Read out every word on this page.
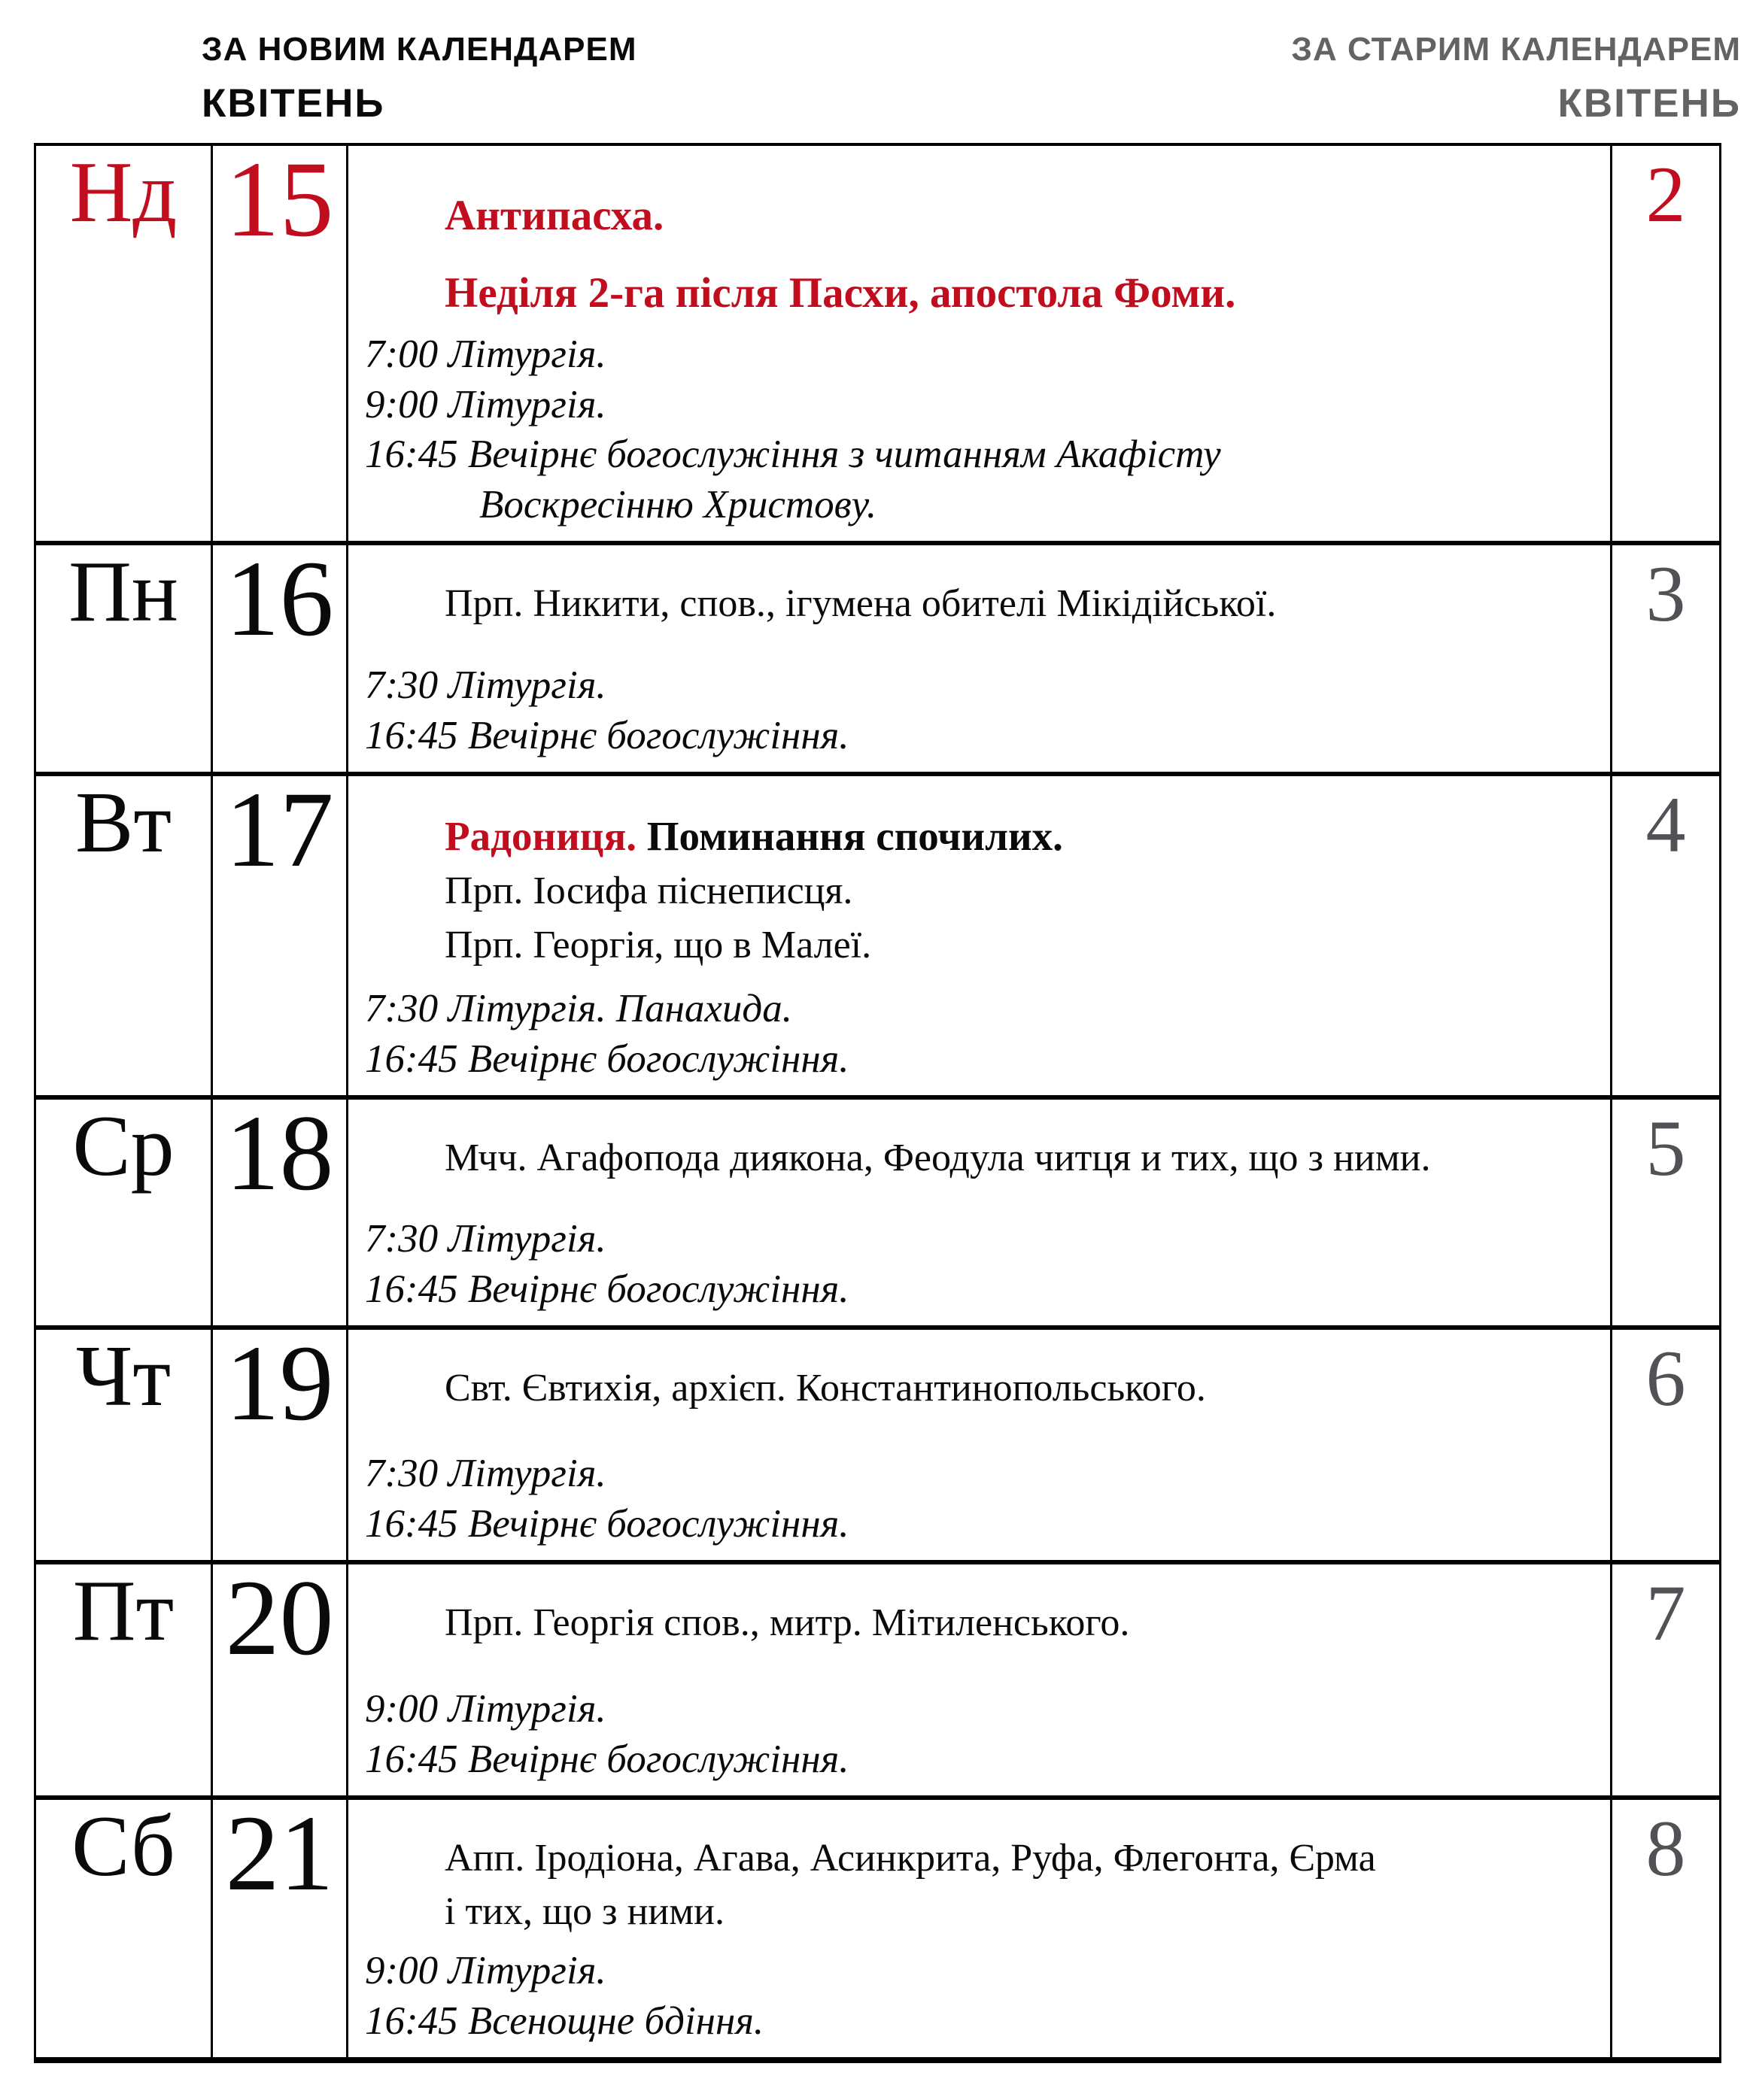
ЗА НОВИМ КАЛЕНДАРЕМ
КВІТЕНЬ
ЗА СТАРИМ КАЛЕНДАРЕМ
КВІТЕНЬ
Нд	15	Антипасха.
Неділя 2-га після Пасхи, апостола Фоми.
7:00 Літургія.
9:00 Літургія.
16:45 Вечірнє богослужіння з читанням Акафісту
Воскресінню Христову.
	2
Пн	16	Прп. Никити, спов., ігумена обителі Мікідійської.
7:30 Літургія.
16:45 Вечірнє богослужіння.	3
Вт	17	Радониця. Поминання спочилих.
Прп. Іосифа піснеписця.
Прп. Георгія, що в Малеї.
7:30 Літургія. Панахида.
16:45 Вечірнє богослужіння.	4
Ср	18	Мчч. Агафопода диякона, Феодула читця и тих, що з ними.
7:30 Літургія.
16:45 Вечірнє богослужіння.	5
Чт	19	Свт. Євтихія, архієп. Константинопольського.
7:30 Літургія.
16:45 Вечірнє богослужіння.	6
Пт	20	Прп. Георгія спов., митр. Мітиленського.
9:00 Літургія.
16:45 Вечірнє богослужіння.	7
Сб	21	Апп. Іродіона, Агава, Асинкрита, Руфа, Флегонта, Єрма
і тих, що з ними.
9:00 Літургія.
16:45 Всенощне бдіння.	8
